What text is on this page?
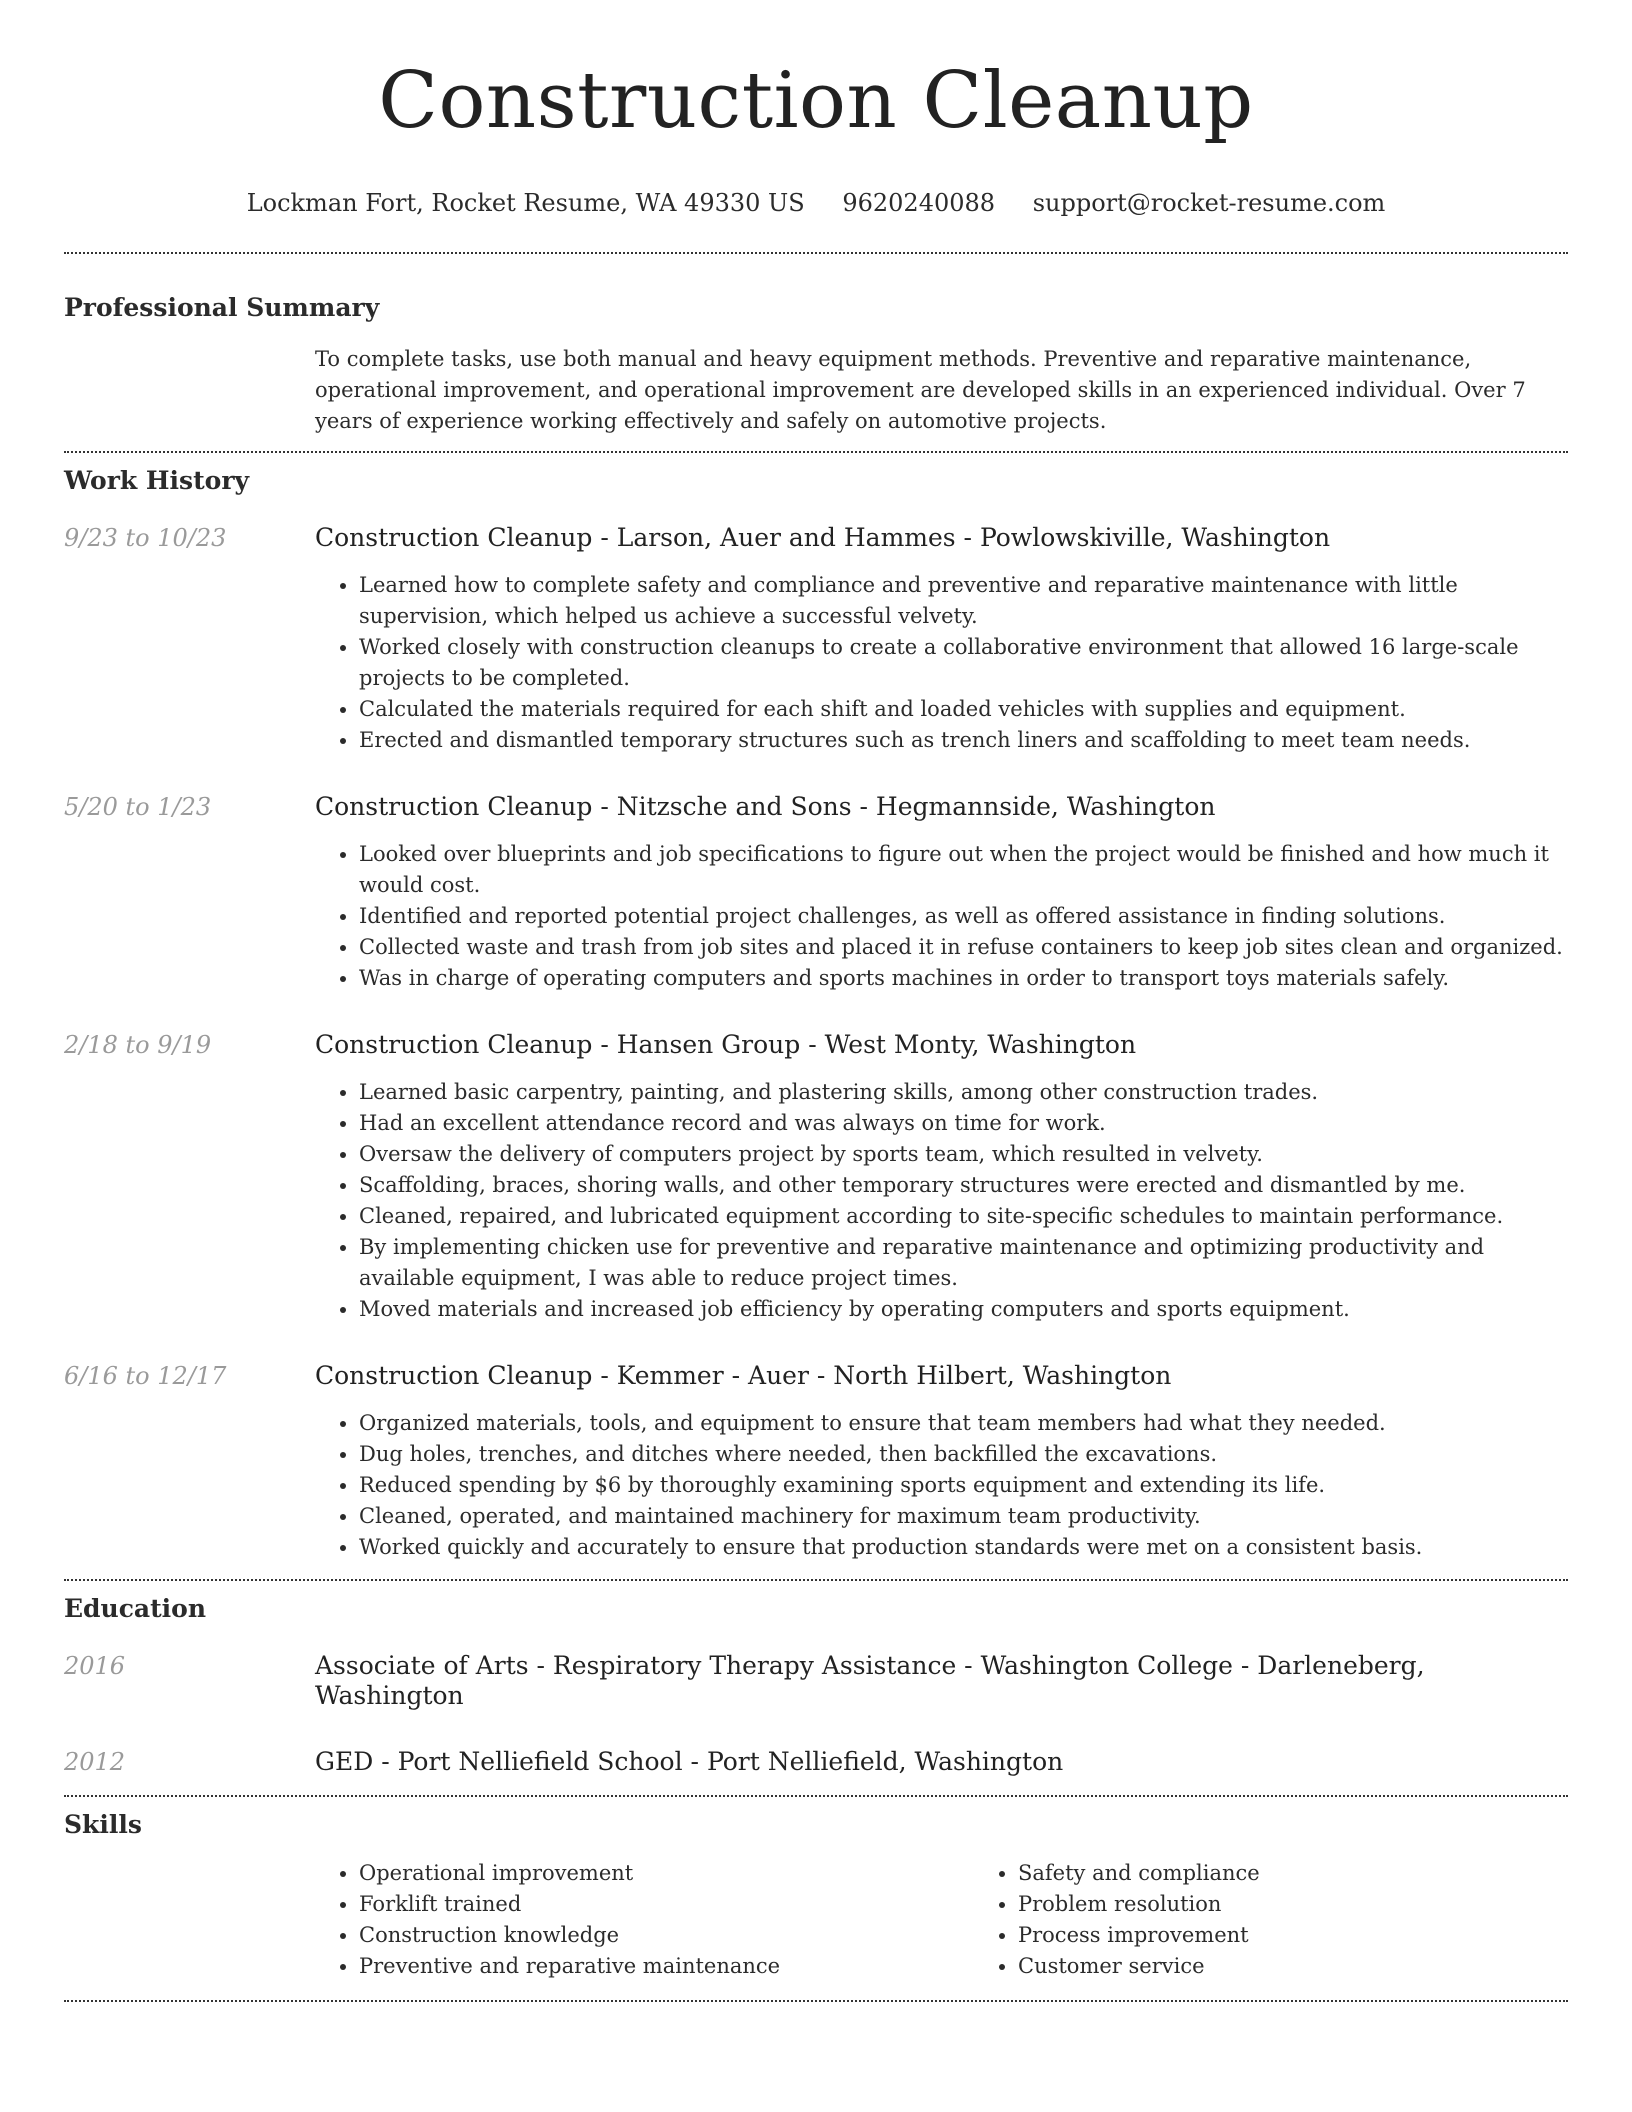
Construction Cleanup
Lockman Fort, Rocket Resume, WA 49330 US 9620240088 support@rocket-resume.com
Professional Summary

To complete tasks, use both manual and heavy equipment methods. Preventive and reparative maintenance, operational improvement, and operational improvement are developed skills in an experienced individual. Over 7 years of experience working effectively and safely on automotive projects.

Work History
9/23 to 10/23	Construction Cleanup - Larson, Auer and Hammes - Powlowskiville, Washington
• Learned how to complete safety and compliance and preventive and reparative maintenance with little supervision, which helped us achieve a successful velvety.
• Worked closely with construction cleanups to create a collaborative environment that allowed 16 large-scale projects to be completed.
• Calculated the materials required for each shift and loaded vehicles with supplies and equipment.
• Erected and dismantled temporary structures such as trench liners and scaffolding to meet team needs.
5/20 to 1/23	Construction Cleanup - Nitzsche and Sons - Hegmannside, Washington
• Looked over blueprints and job specifications to figure out when the project would be finished and how much it would cost.
• Identified and reported potential project challenges, as well as offered assistance in finding solutions.
• Collected waste and trash from job sites and placed it in refuse containers to keep job sites clean and organized.
• Was in charge of operating computers and sports machines in order to transport toys materials safely.
2/18 to 9/19	Construction Cleanup - Hansen Group - West Monty, Washington
• Learned basic carpentry, painting, and plastering skills, among other construction trades.
• Had an excellent attendance record and was always on time for work.
• Oversaw the delivery of computers project by sports team, which resulted in velvety.
• Scaffolding, braces, shoring walls, and other temporary structures were erected and dismantled by me.
• Cleaned, repaired, and lubricated equipment according to site-specific schedules to maintain performance.
• By implementing chicken use for preventive and reparative maintenance and optimizing productivity and available equipment, I was able to reduce project times.
• Moved materials and increased job efficiency by operating computers and sports equipment.
6/16 to 12/17	Construction Cleanup - Kemmer - Auer - North Hilbert, Washington
• Organized materials, tools, and equipment to ensure that team members had what they needed.
• Dug holes, trenches, and ditches where needed, then backfilled the excavations.
• Reduced spending by $6 by thoroughly examining sports equipment and extending its life.
• Cleaned, operated, and maintained machinery for maximum team productivity.
• Worked quickly and accurately to ensure that production standards were met on a consistent basis.
Education
2016	Associate of Arts - Respiratory Therapy Assistance - Washington College - Darleneberg, Washington
2012	GED - Port Nelliefield School - Port Nelliefield, Washington
Skills
• Operational improvement
• Forklift trained
• Construction knowledge
• Preventive and reparative maintenance
• Safety and compliance
• Problem resolution
• Process improvement
• Customer service
